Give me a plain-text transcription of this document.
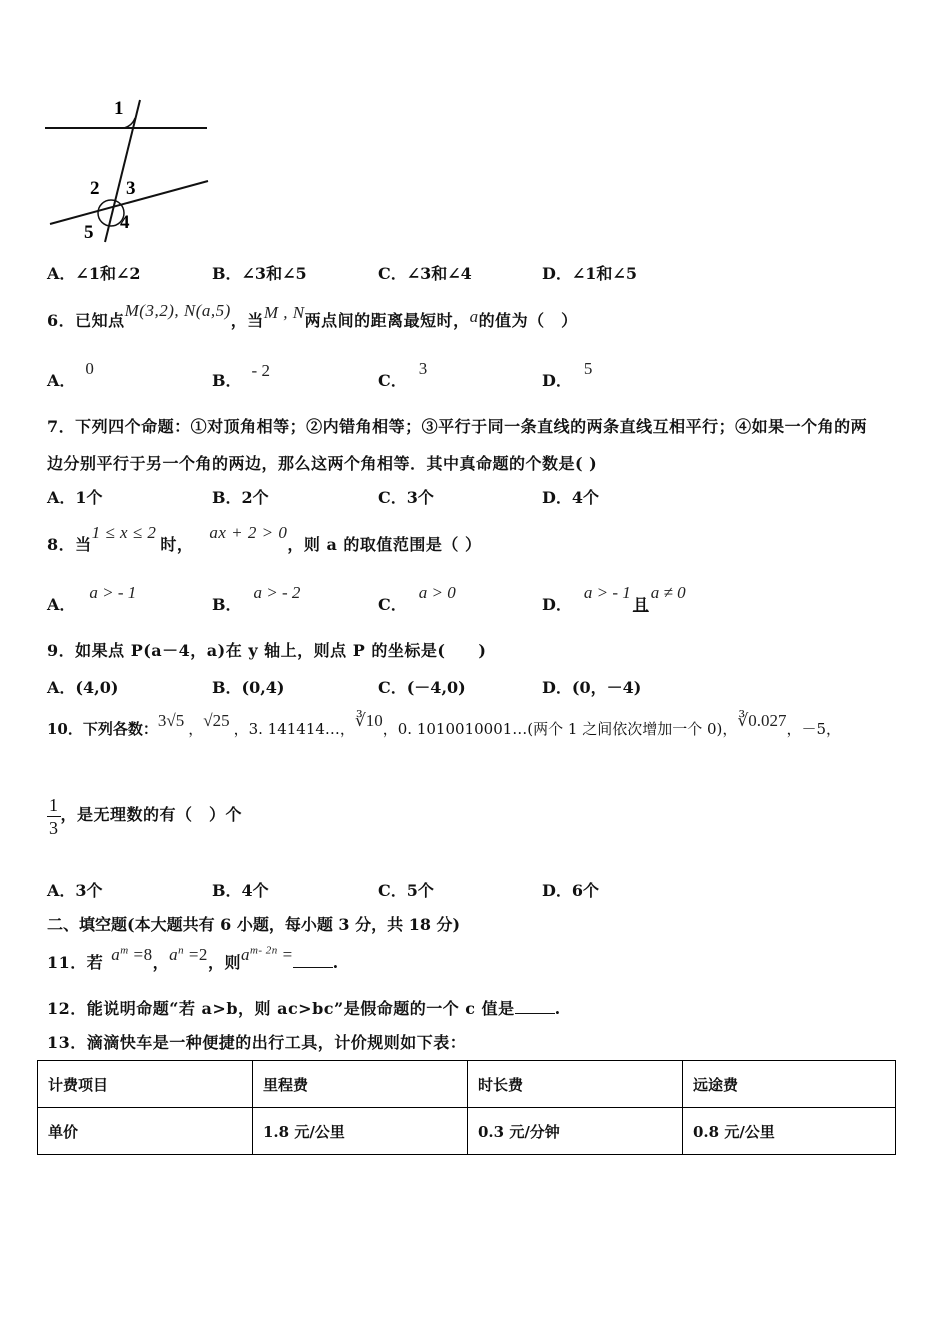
1
2 3
4
5
A．∠1和∠2	B．∠3和∠5	C．∠3和∠4	D．∠1和∠5
6．已知点M(3,2), N(a,5)，当M , N两点间的距离最短时，a的值为（　）
A．0
B．- 2
C．3
D．5
7．下列四个命题：①对顶角相等；②内错角相等；③平行于同一条直线的两条直线互相平行；④如果一个角的两
边分别平行于另一个角的两边，那么这两个角相等．其中真命题的个数是( )
A．1个	B．2个	C．3个	D．4个
8．当1 ≤ x ≤ 2时，ax + 2 > 0，则 a 的取值范围是（ ）
A．a > - 1
B．a > - 2
C．a > 0
D．a > - 1且a ≠ 0
9．如果点 P(a－4，a)在 y 轴上，则点 P 的坐标是(　　)
A．(4,0)	B．(0,4)	C．(－4,0)	D．(0，－4)
10．下列各数：3√5 ，√25 ，3. 141414…，∛10，0. 1010010001…(两个 1 之间依次增加一个 0)，∛0.027，－5，
$\frac{1}{3}$ ，是无理数的有（　）个
A．3个	B．4个	C．5个	D．6个
二、填空题(本大题共有 6 小题，每小题 3 分，共 18 分)
11．若 $a^m =8$，$a^n =2$，则$a^{m- 2n}$ =	.
12．能说明命题“若 a>b，则 ac>bc”是假命题的一个 c 值是	.
13．滴滴快车是一种便捷的出行工具，计价规则如下表：
计费项目	里程费	时长费	远途费
单价	1.8 元/公里	0.3 元/分钟	0.8 元/公里
